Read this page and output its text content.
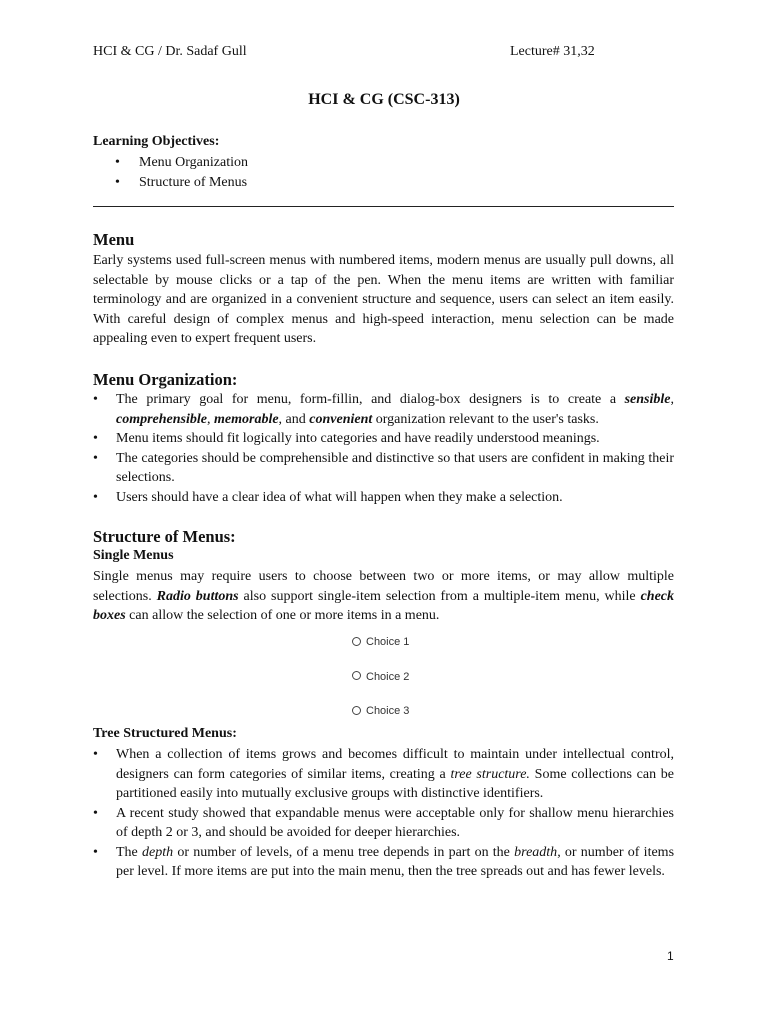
HCI & CG / Dr. Sadaf Gull	Lecture# 31,32
HCI & CG (CSC-313)
Learning Objectives:
• Menu Organization
• Structure of Menus
Menu

Early systems used full-screen menus with numbered items, modern menus are usually pull downs, all selectable by mouse clicks or a tap of the pen. When the menu items are written with familiar terminology and are organized in a convenient structure and sequence, users can select an item easily. With careful design of complex menus and high-speed interaction, menu selection can be made appealing even to expert frequent users.

Menu Organization:
• The primary goal for menu, form-fillin, and dialog-box designers is to create a sensible, comprehensible, memorable, and convenient organization relevant to the user's tasks.
• Menu items should fit logically into categories and have readily understood meanings.
• The categories should be comprehensible and distinctive so that users are confident in making their selections.
• Users should have a clear idea of what will happen when they make a selection.
Structure of Menus:
Single Menus

Single menus may require users to choose between two or more items, or may allow multiple selections. Radio buttons also support single-item selection from a multiple-item menu, while check boxes can allow the selection of one or more items in a menu.

Choice 1
Choice 2
Choice 3
Tree Structured Menus:
• When a collection of items grows and becomes difficult to maintain under intellectual control, designers can form categories of similar items, creating a tree structure. Some collections can be partitioned easily into mutually exclusive groups with distinctive identifiers.
• A recent study showed that expandable menus were acceptable only for shallow menu hierarchies of depth 2 or 3, and should be avoided for deeper hierarchies.
• The depth or number of levels, of a menu tree depends in part on the breadth, or number of items per level. If more items are put into the main menu, then the tree spreads out and has fewer levels.
1
